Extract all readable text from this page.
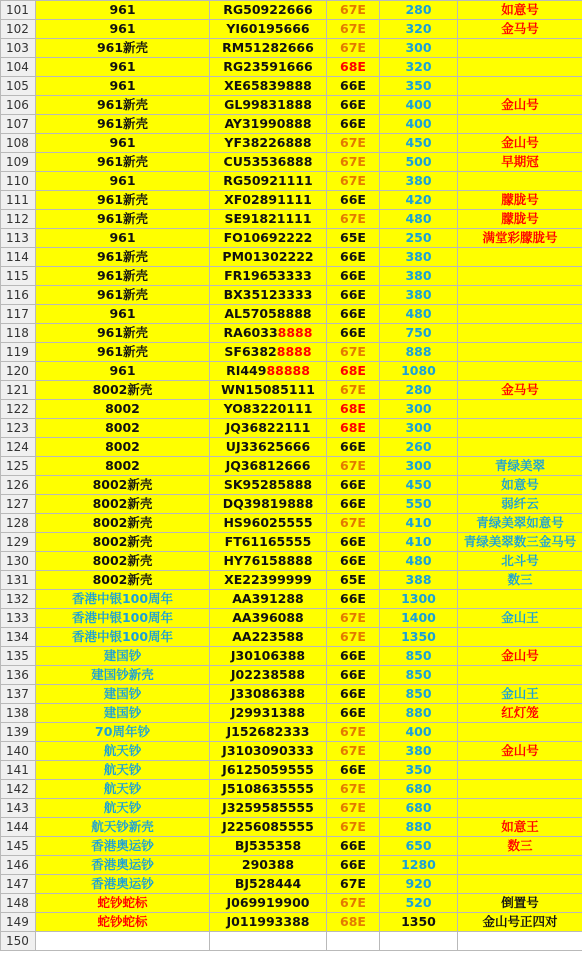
101	961	RG50922666	67E	280	如意号
102	961	YI60195666	67E	320	金马号
103	961新壳	RM51282666	67E	300	
104	961	RG23591666	68E	320	
105	961	XE65839888	66E	350	
106	961新壳	GL99831888	66E	400	金山号
107	961新壳	AY31990888	66E	400	
108	961	YF38226888	67E	450	金山号
109	961新壳	CU53536888	67E	500	早期冠
110	961	RG50921111	67E	380	
111	961新壳	XF02891111	66E	420	朦胧号
112	961新壳	SE91821111	67E	480	朦胧号
113	961	FO10692222	65E	250	满堂彩朦胧号
114	961新壳	PM01302222	66E	380	
115	961新壳	FR19653333	66E	380	
116	961新壳	BX35123333	66E	380	
117	961	AL57058888	66E	480	
118	961新壳	RA60338888	66E	750	
119	961新壳	SF63828888	67E	888	
120	961	RI44988888	68E	1080	
121	8002新壳	WN15085111	67E	280	金马号
122	8002	YO83220111	68E	300	
123	8002	JQ36822111	68E	300	
124	8002	UJ33625666	66E	260	
125	8002	JQ36812666	67E	300	青绿美翠
126	8002新壳	SK95285888	66E	450	如意号
127	8002新壳	DQ39819888	66E	550	弱纤云
128	8002新壳	HS96025555	67E	410	青绿美翠如意号
129	8002新壳	FT61165555	66E	410	青绿美翠数三金马号
130	8002新壳	HY76158888	66E	480	北斗号
131	8002新壳	XE22399999	65E	388	数三
132	香港中银100周年	AA391288	66E	1300	
133	香港中银100周年	AA396088	67E	1400	金山王
134	香港中银100周年	AA223588	67E	1350	
135	建国钞	J30106388	66E	850	金山号
136	建国钞新壳	J02238588	66E	850	
137	建国钞	J33086388	66E	850	金山王
138	建国钞	J29931388	66E	880	红灯笼
139	70周年钞	J152682333	67E	400	
140	航天钞	J3103090333	67E	380	金山号
141	航天钞	J6125059555	66E	350	
142	航天钞	J5108635555	67E	680	
143	航天钞	J3259585555	67E	680	
144	航天钞新壳	J2256085555	67E	880	如意王
145	香港奥运钞	BJ535358	66E	650	数三
146	香港奥运钞	290388	66E	1280	
147	香港奥运钞	BJ528444	67E	920	
148	蛇钞蛇标	J069919900	67E	520	倒置号
149	蛇钞蛇标	J011993388	68E	1350	金山号正四对
150					
